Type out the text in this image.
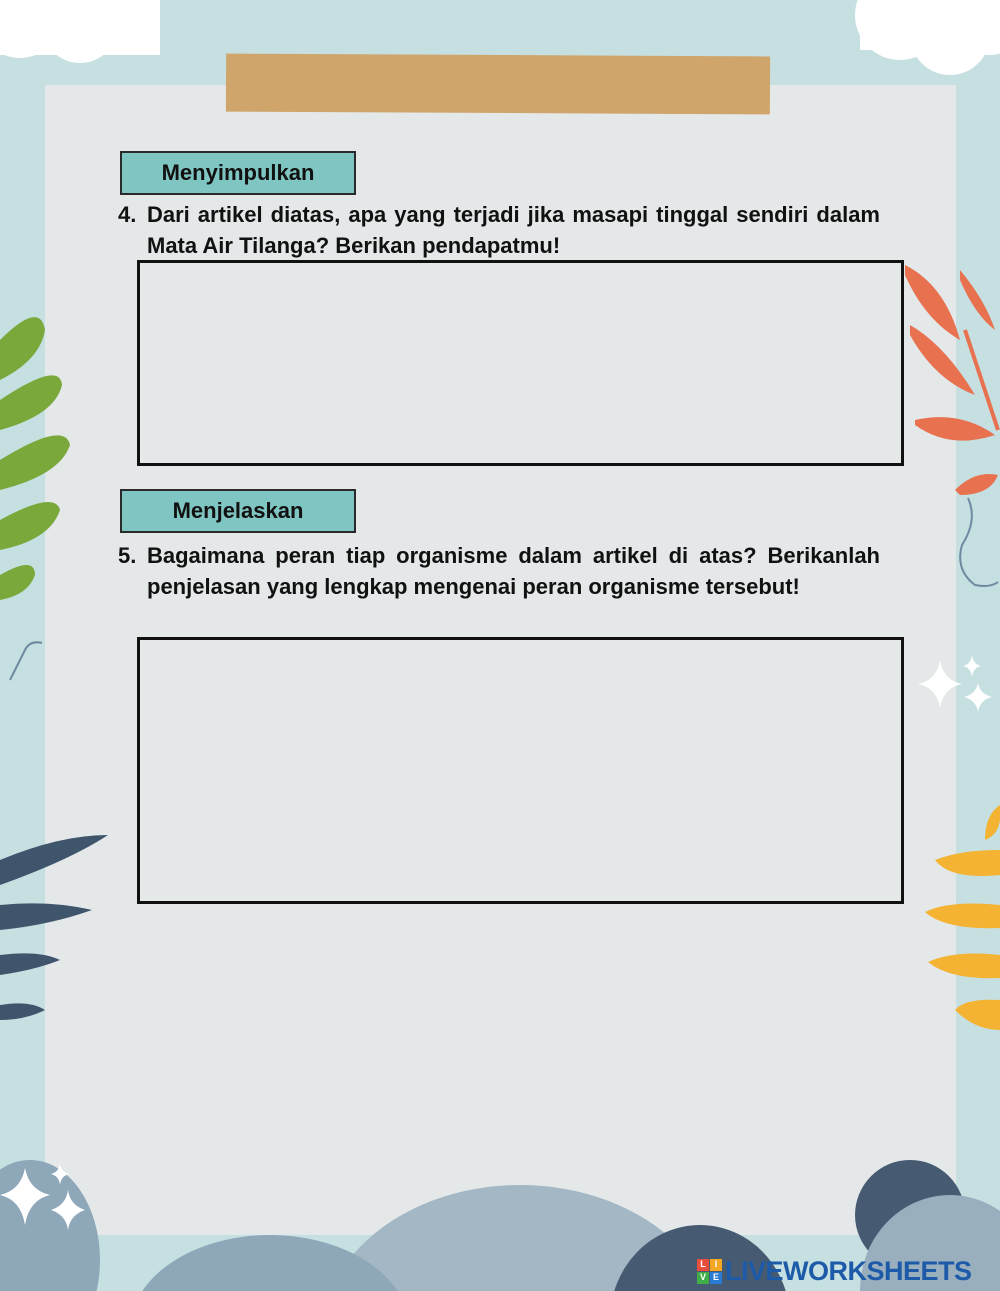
Menyimpulkan
4. Dari artikel diatas, apa yang terjadi jika masapi tinggal sendiri dalam Mata Air Tilanga? Berikan pendapatmu!
Menjelaskan
5. Bagaimana peran tiap organisme dalam artikel di atas? Berikanlah penjelasan yang lengkap mengenai peran organisme tersebut!
L I
V E LIVEWORKSHEETS
